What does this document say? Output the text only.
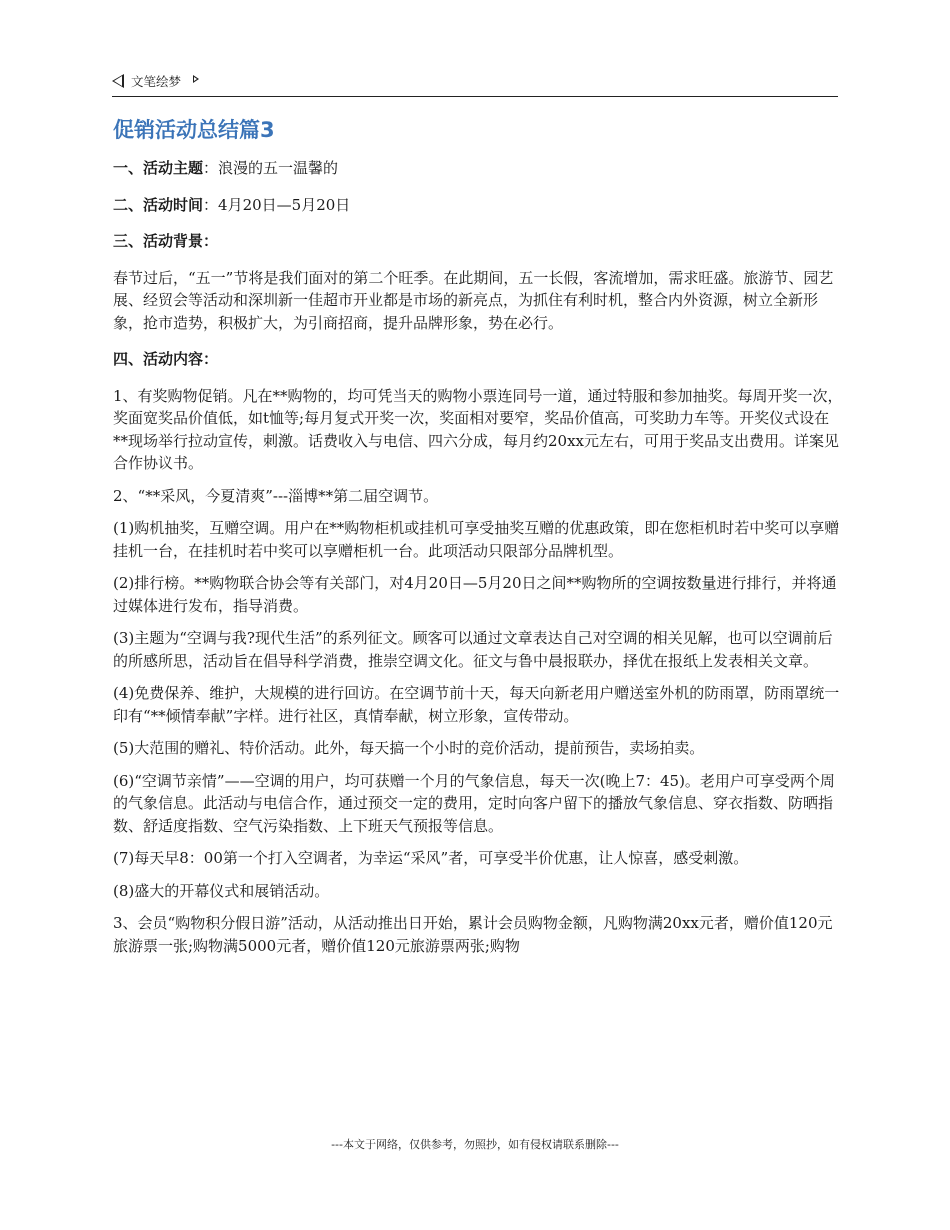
文笔绘梦
促销活动总结篇3

一、活动主题：浪漫的五一温馨的

二、活动时间：4月20日—5月20日

三、活动背景：

春节过后，“五一”节将是我们面对的第二个旺季。在此期间，五一长假，客流增加，需求旺盛。旅游节、园艺展、经贸会等活动和深圳新一佳超市开业都是市场的新亮点，为抓住有利时机，整合内外资源，树立全新形象，抢市造势，积极扩大，为引商招商，提升品牌形象，势在必行。

四、活动内容：

1、有奖购物促销。凡在**购物的，均可凭当天的购物小票连同号一道，通过特服和参加抽奖。每周开奖一次，奖面宽奖品价值低，如t恤等;每月复式开奖一次，奖面相对要窄，奖品价值高，可奖助力车等。开奖仪式设在**现场举行拉动宣传，刺激。话费收入与电信、四六分成，每月约20xx元左右，可用于奖品支出费用。详案见合作协议书。

2、“**采风，今夏清爽”---淄博**第二届空调节。

(1)购机抽奖，互赠空调。用户在**购物柜机或挂机可享受抽奖互赠的优惠政策，即在您柜机时若中奖可以享赠挂机一台，在挂机时若中奖可以享赠柜机一台。此项活动只限部分品牌机型。

(2)排行榜。**购物联合协会等有关部门，对4月20日—5月20日之间**购物所的空调按数量进行排行，并将通过媒体进行发布，指导消费。

(3)主题为“空调与我?现代生活”的系列征文。顾客可以通过文章表达自己对空调的相关见解，也可以空调前后的所感所思，活动旨在倡导科学消费，推崇空调文化。征文与鲁中晨报联办，择优在报纸上发表相关文章。

(4)免费保养、维护，大规模的进行回访。在空调节前十天，每天向新老用户赠送室外机的防雨罩，防雨罩统一印有“**倾情奉献”字样。进行社区，真情奉献，树立形象，宣传带动。

(5)大范围的赠礼、特价活动。此外，每天搞一个小时的竞价活动，提前预告，卖场拍卖。

(6)“空调节亲情”——空调的用户，均可获赠一个月的气象信息，每天一次(晚上7：45)。老用户可享受两个周的气象信息。此活动与电信合作，通过预交一定的费用，定时向客户留下的播放气象信息、穿衣指数、防晒指数、舒适度指数、空气污染指数、上下班天气预报等信息。

(7)每天早8：00第一个打入空调者，为幸运“采风”者，可享受半价优惠，让人惊喜，感受刺激。

(8)盛大的开幕仪式和展销活动。

3、会员“购物积分假日游”活动，从活动推出日开始，累计会员购物金额，凡购物满20xx元者，赠价值120元旅游票一张;购物满5000元者，赠价值120元旅游票两张;购物

---本文于网络，仅供参考，勿照抄，如有侵权请联系删除---
